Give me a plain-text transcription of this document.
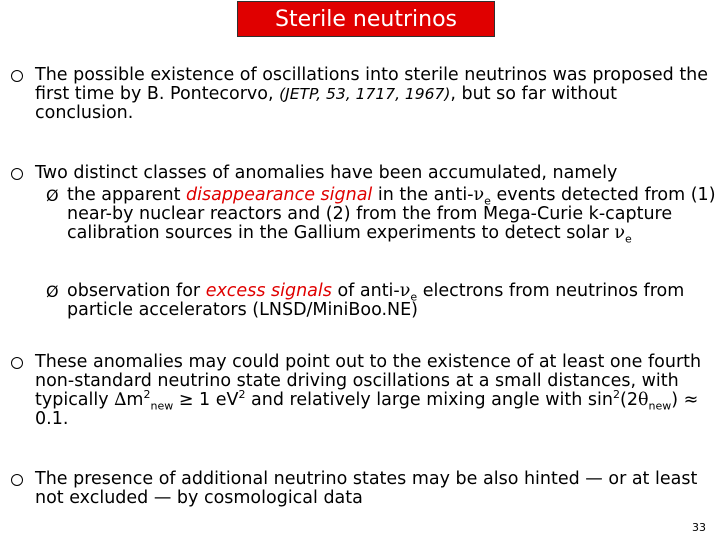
Sterile neutrinos
The possible existence of oscillations into sterile neutrinos was proposed the first time by B. Pontecorvo, (JETP, 53, 1717, 1967), but so far without conclusion.
Two distinct classes of anomalies have been accumulated, namely
Ø the apparent disappearance signal in the anti-$\nu_e$ events detected from (1) near-by nuclear reactors and (2) from the from Mega-Curie k-capture calibration sources in the Gallium experiments to detect solar $\nu_e$
Ø observation for excess signals of anti-$\nu_e$ electrons from neutrinos from particle accelerators (LNSD/MiniBoo.NE)
These anomalies may could point out to the existence of at least one fourth non-standard neutrino state driving oscillations at a small distances, with typically $\Delta m^2_{new} \ge 1$ $eV^2$ and relatively large mixing angle with $\sin^2(2\theta_{new}) \approx 0.1$.
The presence of additional neutrino states may be also hinted — or at least not excluded — by cosmological data
33
